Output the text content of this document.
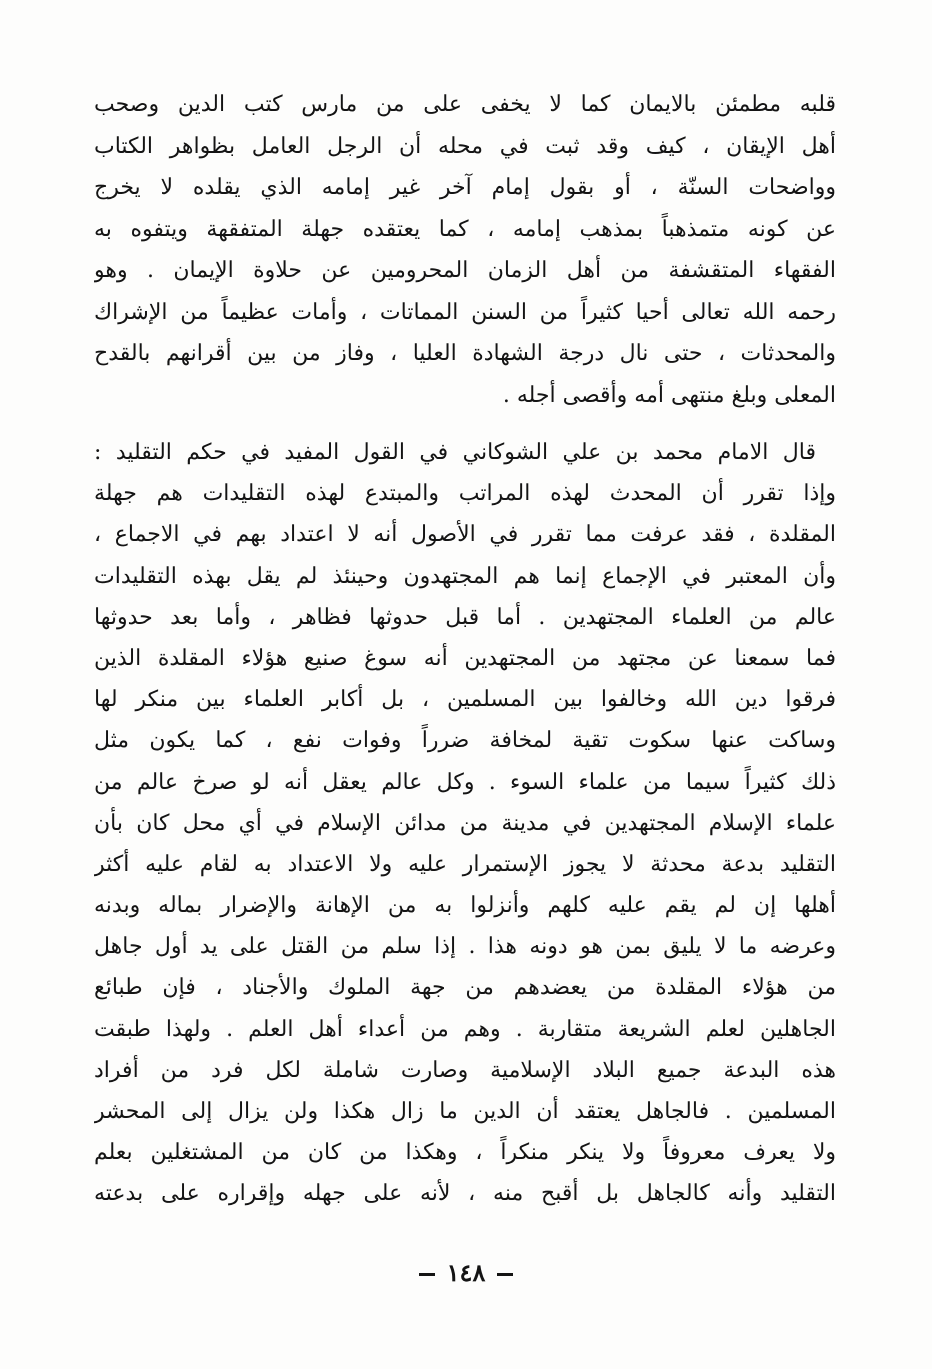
قلبه مطمئن بالايمان كما لا يخفى على من مارس كتب الدين وصحب
أهل الإيقان ، كيف وقد ثبت في محله أن الرجل العامل بظواهر الكتاب
وواضحات السنّة ، أو بقول إمام آخر غير إمامه الذي يقلده لا يخرج
عن كونه متمذهباً بمذهب إمامه ، كما يعتقده جهلة المتفقهة ويتفوه به
الفقهاء المتقشفة من أهل الزمان المحرومين عن حلاوة الإيمان . وهو
رحمه الله تعالى أحيا كثيراً من السنن المماتات ، وأمات عظيماً من الإشراك
والمحدثات ، حتى نال درجة الشهادة العليا ، وفاز من بين أقرانهم بالقدح
المعلى وبلغ منتهى أمه وأقصى أجله .
قال الامام محمد بن علي الشوكاني في القول المفيد في حكم التقليد :
وإذا تقرر أن المحدث لهذه المراتب والمبتدع لهذه التقليدات هم جهلة
المقلدة ، فقد عرفت مما تقرر في الأصول أنه لا اعتداد بهم في الاجماع ،
وأن المعتبر في الإجماع إنما هم المجتهدون وحينئذ لم يقل بهذه التقليدات
عالم من العلماء المجتهدين . أما قبل حدوثها فظاهر ، وأما بعد حدوثها
فما سمعنا عن مجتهد من المجتهدين أنه سوغ صنيع هؤلاء المقلدة الذين
فرقوا دين الله وخالفوا بين المسلمين ، بل أكابر العلماء بين منكر لها
وساكت عنها سكوت تقية لمخافة ضرراً وفوات نفع ، كما يكون مثل
ذلك كثيراً سيما من علماء السوء . وكل عالم يعقل أنه لو صرخ عالم من
علماء الإسلام المجتهدين في مدينة من مدائن الإسلام في أي محل كان بأن
التقليد بدعة محدثة لا يجوز الإستمرار عليه ولا الاعتداد به لقام عليه أكثر
أهلها إن لم يقم عليه كلهم وأنزلوا به من الإهانة والإضرار بماله وبدنه
وعرضه ما لا يليق بمن هو دونه هذا . إذا سلم من القتل على يد أول جاهل
من هؤلاء المقلدة من يعضدهم من جهة الملوك والأجناد ، فإن طبائع
الجاهلين لعلم الشريعة متقاربة . وهم من أعداء أهل العلم . ولهذا طبقت
هذه البدعة جميع البلاد الإسلامية وصارت شاملة لكل فرد من أفراد
المسلمين . فالجاهل يعتقد أن الدين ما زال هكذا ولن يزال إلى المحشر
ولا يعرف معروفاً ولا ينكر منكراً ، وهكذا من كان من المشتغلين بعلم
التقليد وأنه كالجاهل بل أقبح منه ، لأنه على جهله وإقراره على بدعته
١٤٨
